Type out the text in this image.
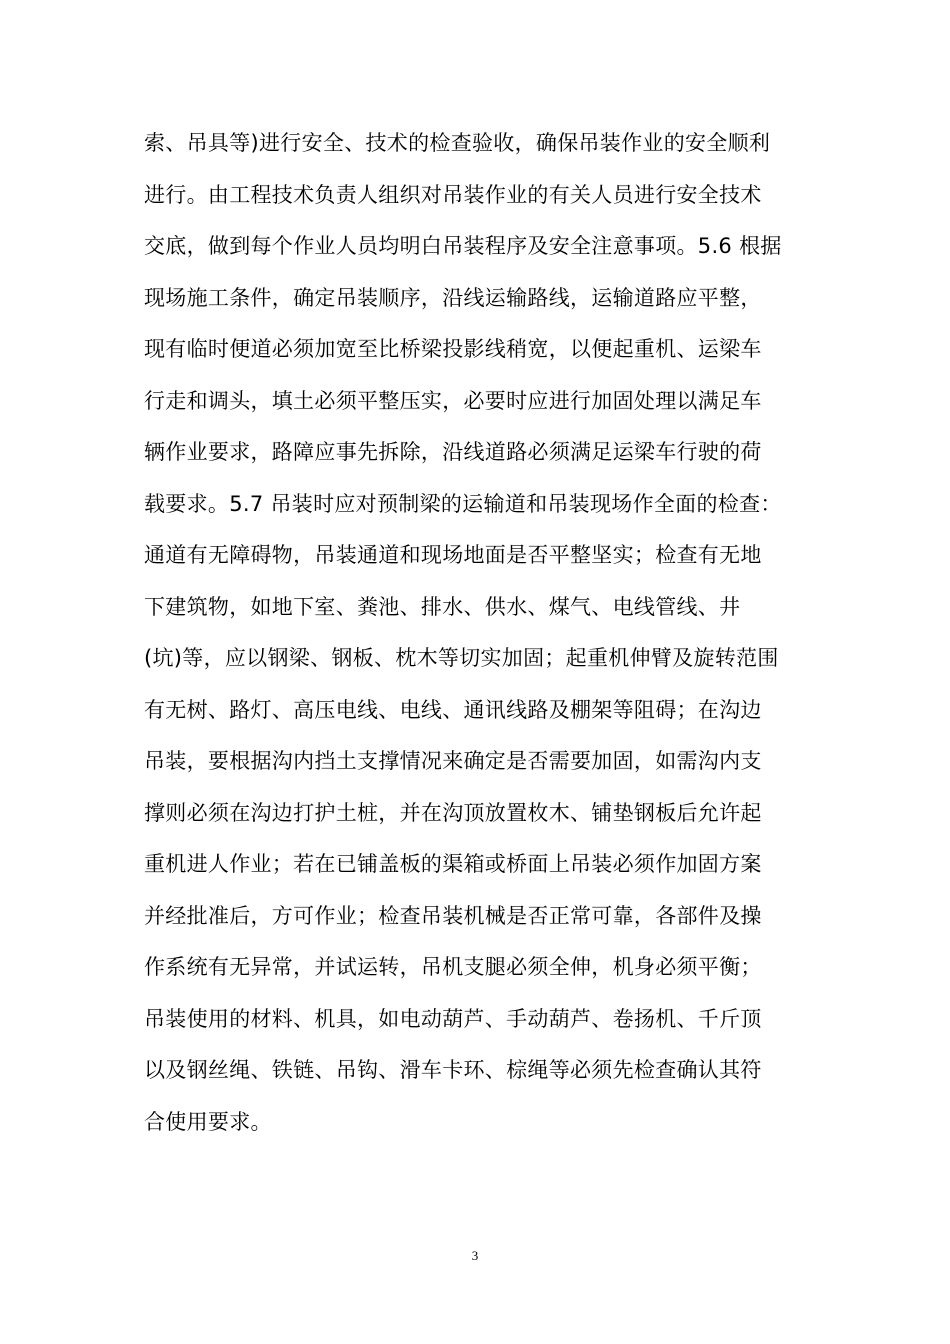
索、吊具等)进行安全、技术的检查验收，确保吊装作业的安全顺利
进行。由工程技术负责人组织对吊装作业的有关人员进行安全技术
交底，做到每个作业人员均明白吊装程序及安全注意事项。5.6 根据
现场施工条件，确定吊装顺序，沿线运输路线，运输道路应平整，
现有临时便道必须加宽至比桥梁投影线稍宽，以便起重机、运梁车
行走和调头，填土必须平整压实，必要时应进行加固处理以满足车
辆作业要求，路障应事先拆除，沿线道路必须满足运梁车行驶的荷
载要求。5.7 吊装时应对预制梁的运输道和吊装现场作全面的检查：
通道有无障碍物，吊装通道和现场地面是否平整坚实；检查有无地
下建筑物，如地下室、粪池、排水、供水、煤气、电线管线、井
(坑)等，应以钢梁、钢板、枕木等切实加固；起重机伸臂及旋转范围
有无树、路灯、高压电线、电线、通讯线路及棚架等阻碍；在沟边
吊装，要根据沟内挡土支撑情况来确定是否需要加固，如需沟内支
撑则必须在沟边打护土桩，并在沟顶放置枚木、铺垫钢板后允许起
重机进人作业；若在已铺盖板的渠箱或桥面上吊装必须作加固方案
并经批准后，方可作业；检查吊装机械是否正常可靠，各部件及操
作系统有无异常，并试运转，吊机支腿必须全伸，机身必须平衡；
吊装使用的材料、机具，如电动葫芦、手动葫芦、卷扬机、千斤顶
以及钢丝绳、铁链、吊钩、滑车卡环、棕绳等必须先检查确认其符
合使用要求。
3
